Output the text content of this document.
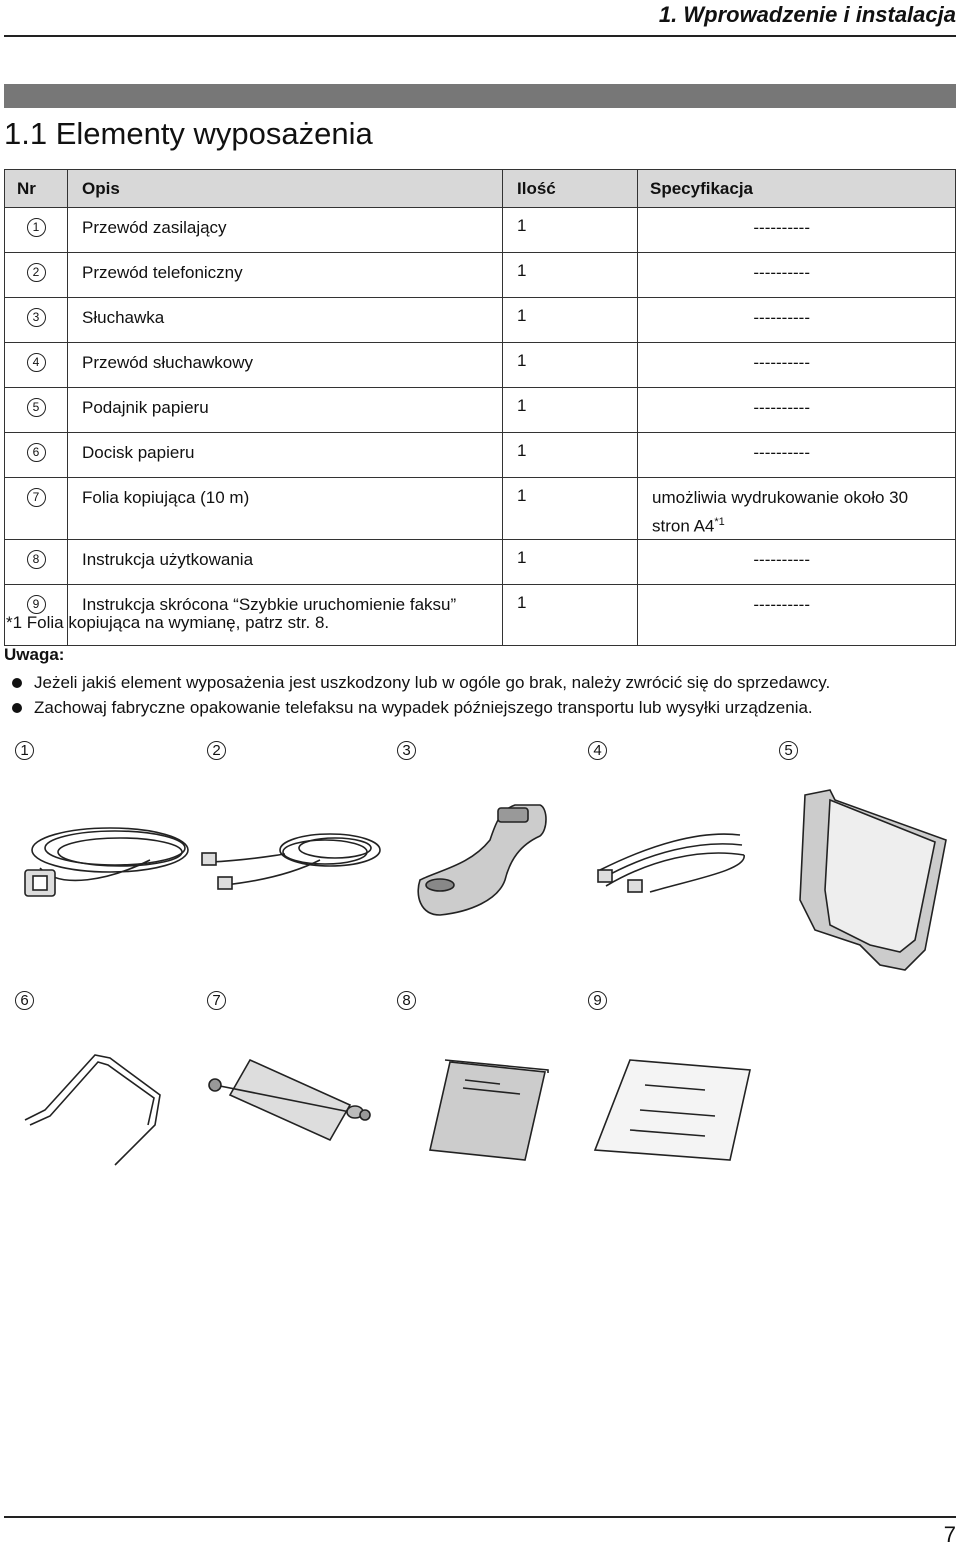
1. Wprowadzenie i instalacja
1.1 Elementy wyposażenia
Nr	Opis	Ilość	Specyfikacja
1	Przewód zasilający	1	----------
2	Przewód telefoniczny	1	----------
3	Słuchawka	1	----------
4	Przewód słuchawkowy	1	----------
5	Podajnik papieru	1	----------
6	Docisk papieru	1	----------
7	Folia kopiująca (10 m)	1	umożliwia wydrukowanie około 30 stron A4$^{*1}$
8	Instrukcja użytkowania	1	----------
9	Instrukcja skrócona “Szybkie uruchomienie faksu”	1	----------
*1 Folia kopiująca na wymianę, patrz str. 8.
Uwaga:
Jeżeli jakiś element wyposażenia jest uszkodzony lub w ogóle go brak, należy zwrócić się do sprzedawcy.
Zachowaj fabryczne opakowanie telefaksu na wypadek późniejszego transportu lub wysyłki urządzenia.
1	2	3	4	5
6	7	8	9
7
